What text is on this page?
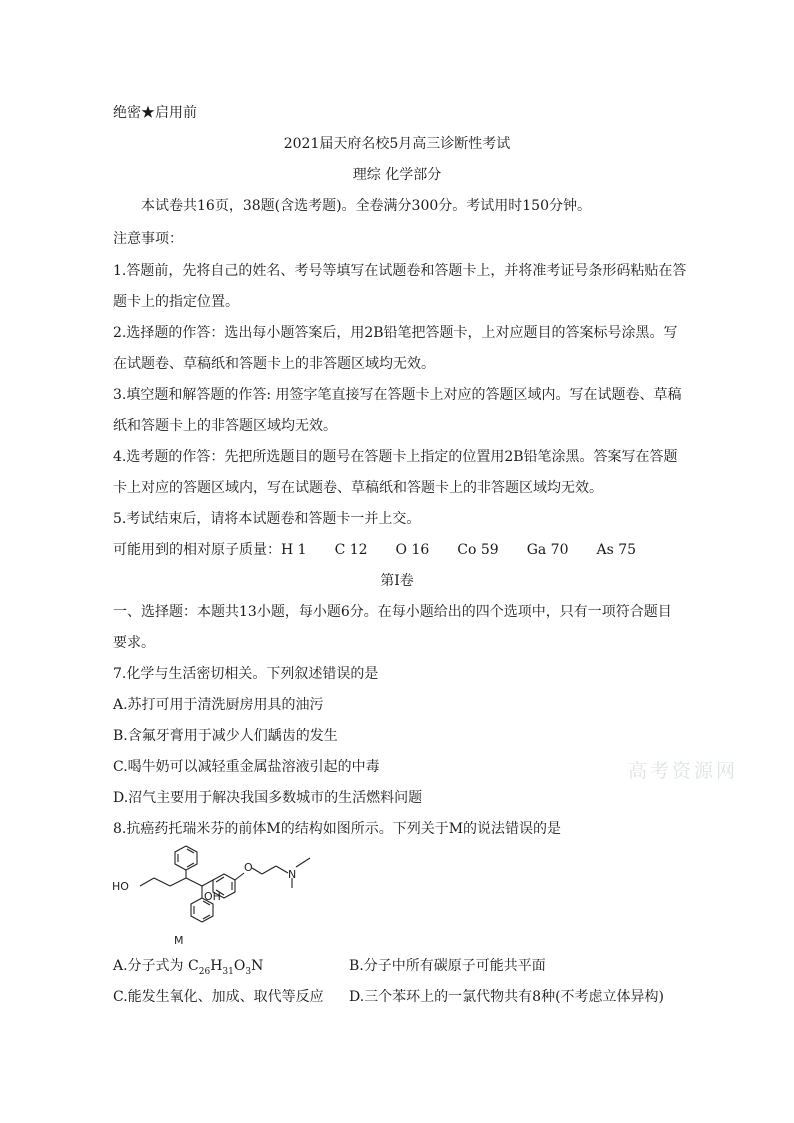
绝密★启用前

2021届天府名校5月高三诊断性考试

理综 化学部分

本试卷共16页，38题(含选考题)。全卷满分300分。考试用时150分钟。

注意事项：

1.答题前，先将自己的姓名、考号等填写在试题卷和答题卡上，并将准考证号条形码粘贴在答

题卡上的指定位置。

2.选择题的作答：选出每小题答案后，用2B铅笔把答题卡，上对应题目的答案标号涂黑。写

在试题卷、草稿纸和答题卡上的非答题区域均无效。

3.填空题和解答题的作答: 用签字笔直接写在答题卡上对应的答题区域内。写在试题卷、草稿

纸和答题卡上的非答题区域均无效。

4.选考题的作答：先把所选题目的题号在答题卡上指定的位置用2B铅笔涂黑。答案写在答题

卡上对应的答题区域内，写在试题卷、草稿纸和答题卡上的非答题区域均无效。

5.考试结束后，请将本试题卷和答题卡一并上交。

可能用到的相对原子质量：H 1　　C 12　　O 16　　Co 59　　Ga 70　　As 75

第Ⅰ卷

一、选择题：本题共13小题，每小题6分。在每小题给出的四个选项中，只有一项符合题目

要求。

7.化学与生活密切相关。下列叙述错误的是

A.苏打可用于清洗厨房用具的油污

B.含氟牙膏用于减少人们龋齿的发生

C.喝牛奶可以减轻重金属盐溶液引起的中毒

D.沼气主要用于解决我国多数城市的生活燃料问题

8.抗癌药托瑞米芬的前体M的结构如图所示。下列关于M的说法错误的是

HO
OH
O
N
M

A.分子式为 $C_{26}H_{31}O_3N$	B.分子中所有碳原子可能共平面

C.能发生氧化、加成、取代等反应 D.三个苯环上的一氯代物共有8种(不考虑立体异构)

高考资源网
